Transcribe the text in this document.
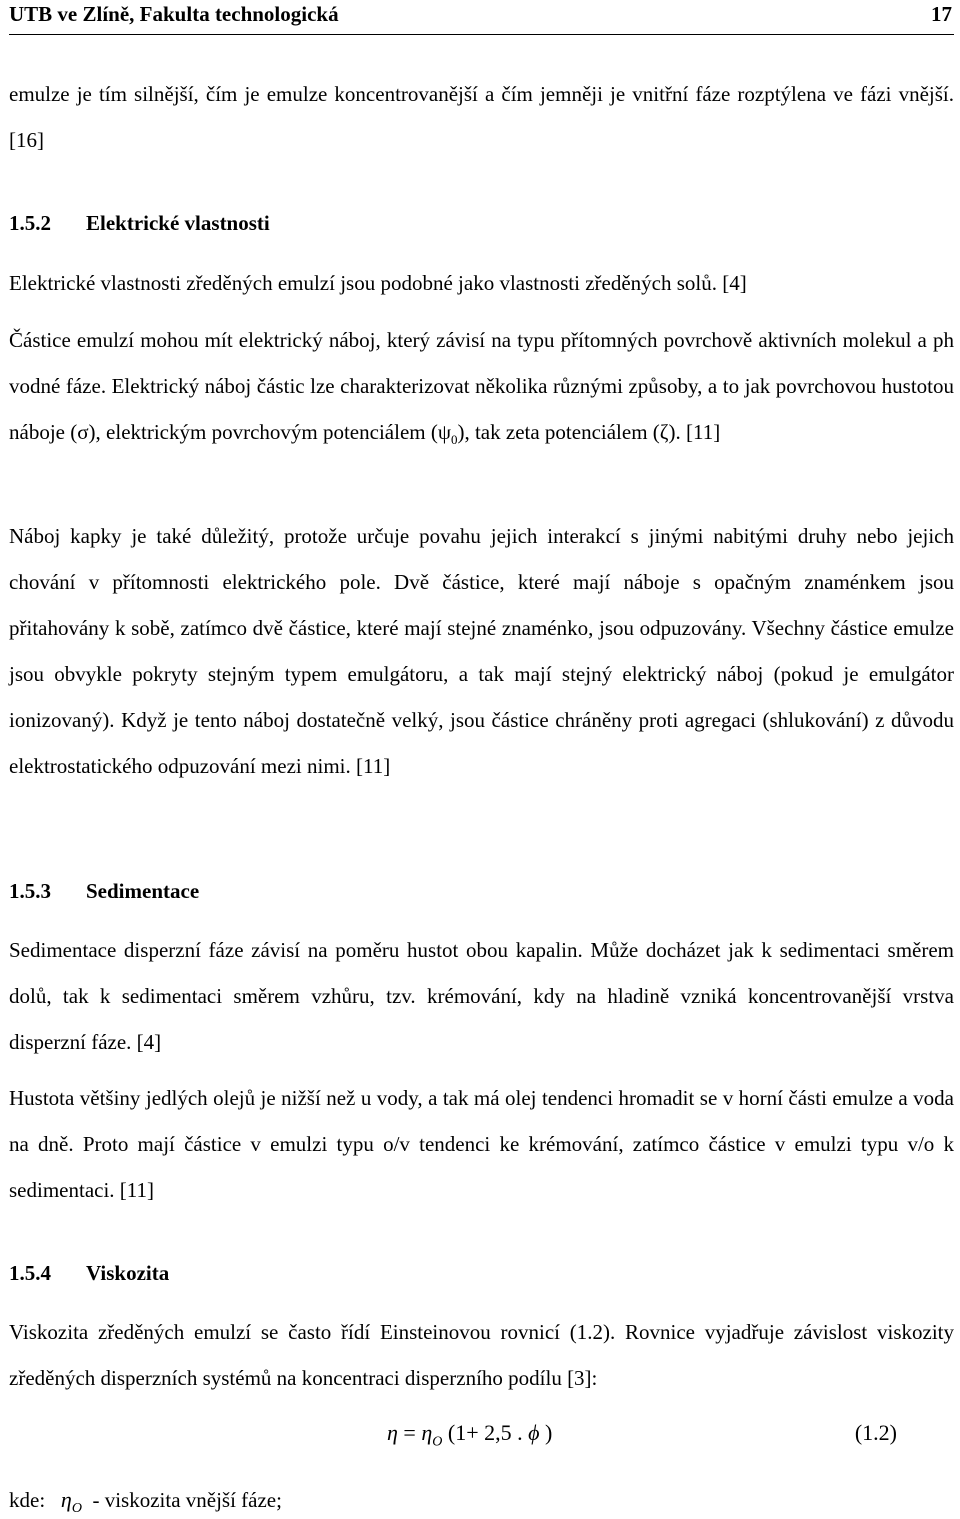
UTB ve Zlíně, Fakulta technologická	17
emulze je tím silnější, čím je emulze koncentrovanější a čím jemněji je vnitřní fáze rozptýlena ve fázi vnější. [16]
1.5.2 Elektrické vlastnosti
Elektrické vlastnosti zředěných emulzí jsou podobné jako vlastnosti zředěných solů. [4]
Částice emulzí mohou mít elektrický náboj, který závisí na typu přítomných povrchově aktivních molekul a ph vodné fáze. Elektrický náboj částic lze charakterizovat několika různými způsoby, a to jak povrchovou hustotou náboje (σ), elektrickým povrchovým potenciálem $(\psi_0)$, tak zeta potenciálem (ζ). [11]
Náboj kapky je také důležitý, protože určuje povahu jejich interakcí s jinými nabitými druhy nebo jejich chování v přítomnosti elektrického pole. Dvě částice, které mají náboje s opačným znaménkem jsou přitahovány k sobě, zatímco dvě částice, které mají stejné znaménko, jsou odpuzovány. Všechny částice emulze jsou obvykle pokryty stejným typem emulgátoru, a tak mají stejný elektrický náboj (pokud je emulgátor ionizovaný). Když je tento náboj dostatečně velký, jsou částice chráněny proti agregaci (shlukování) z důvodu elektrostatického odpuzování mezi nimi. [11]
1.5.3 Sedimentace
Sedimentace disperzní fáze závisí na poměru hustot obou kapalin. Může docházet jak k sedimentaci směrem dolů, tak k sedimentaci směrem vzhůru, tzv. krémování, kdy na hladině vzniká koncentrovanější vrstva disperzní fáze. [4]
Hustota většiny jedlých olejů je nižší než u vody, a tak má olej tendenci hromadit se v horní části emulze a voda na dně. Proto mají částice v emulzi typu o/v tendenci ke krémování, zatímco částice v emulzi typu v/o k sedimentaci. [11]
1.5.4 Viskozita
Viskozita zředěných emulzí se často řídí Einsteinovou rovnicí (1.2). Rovnice vyjadřuje závislost viskozity zředěných disperzních systémů na koncentraci disperzního podílu [3]:
$\eta = \eta_O$ (1+ 2,5 . ϕ )	(1.2)
kde: $\eta_O$ - viskozita vnější fáze;
